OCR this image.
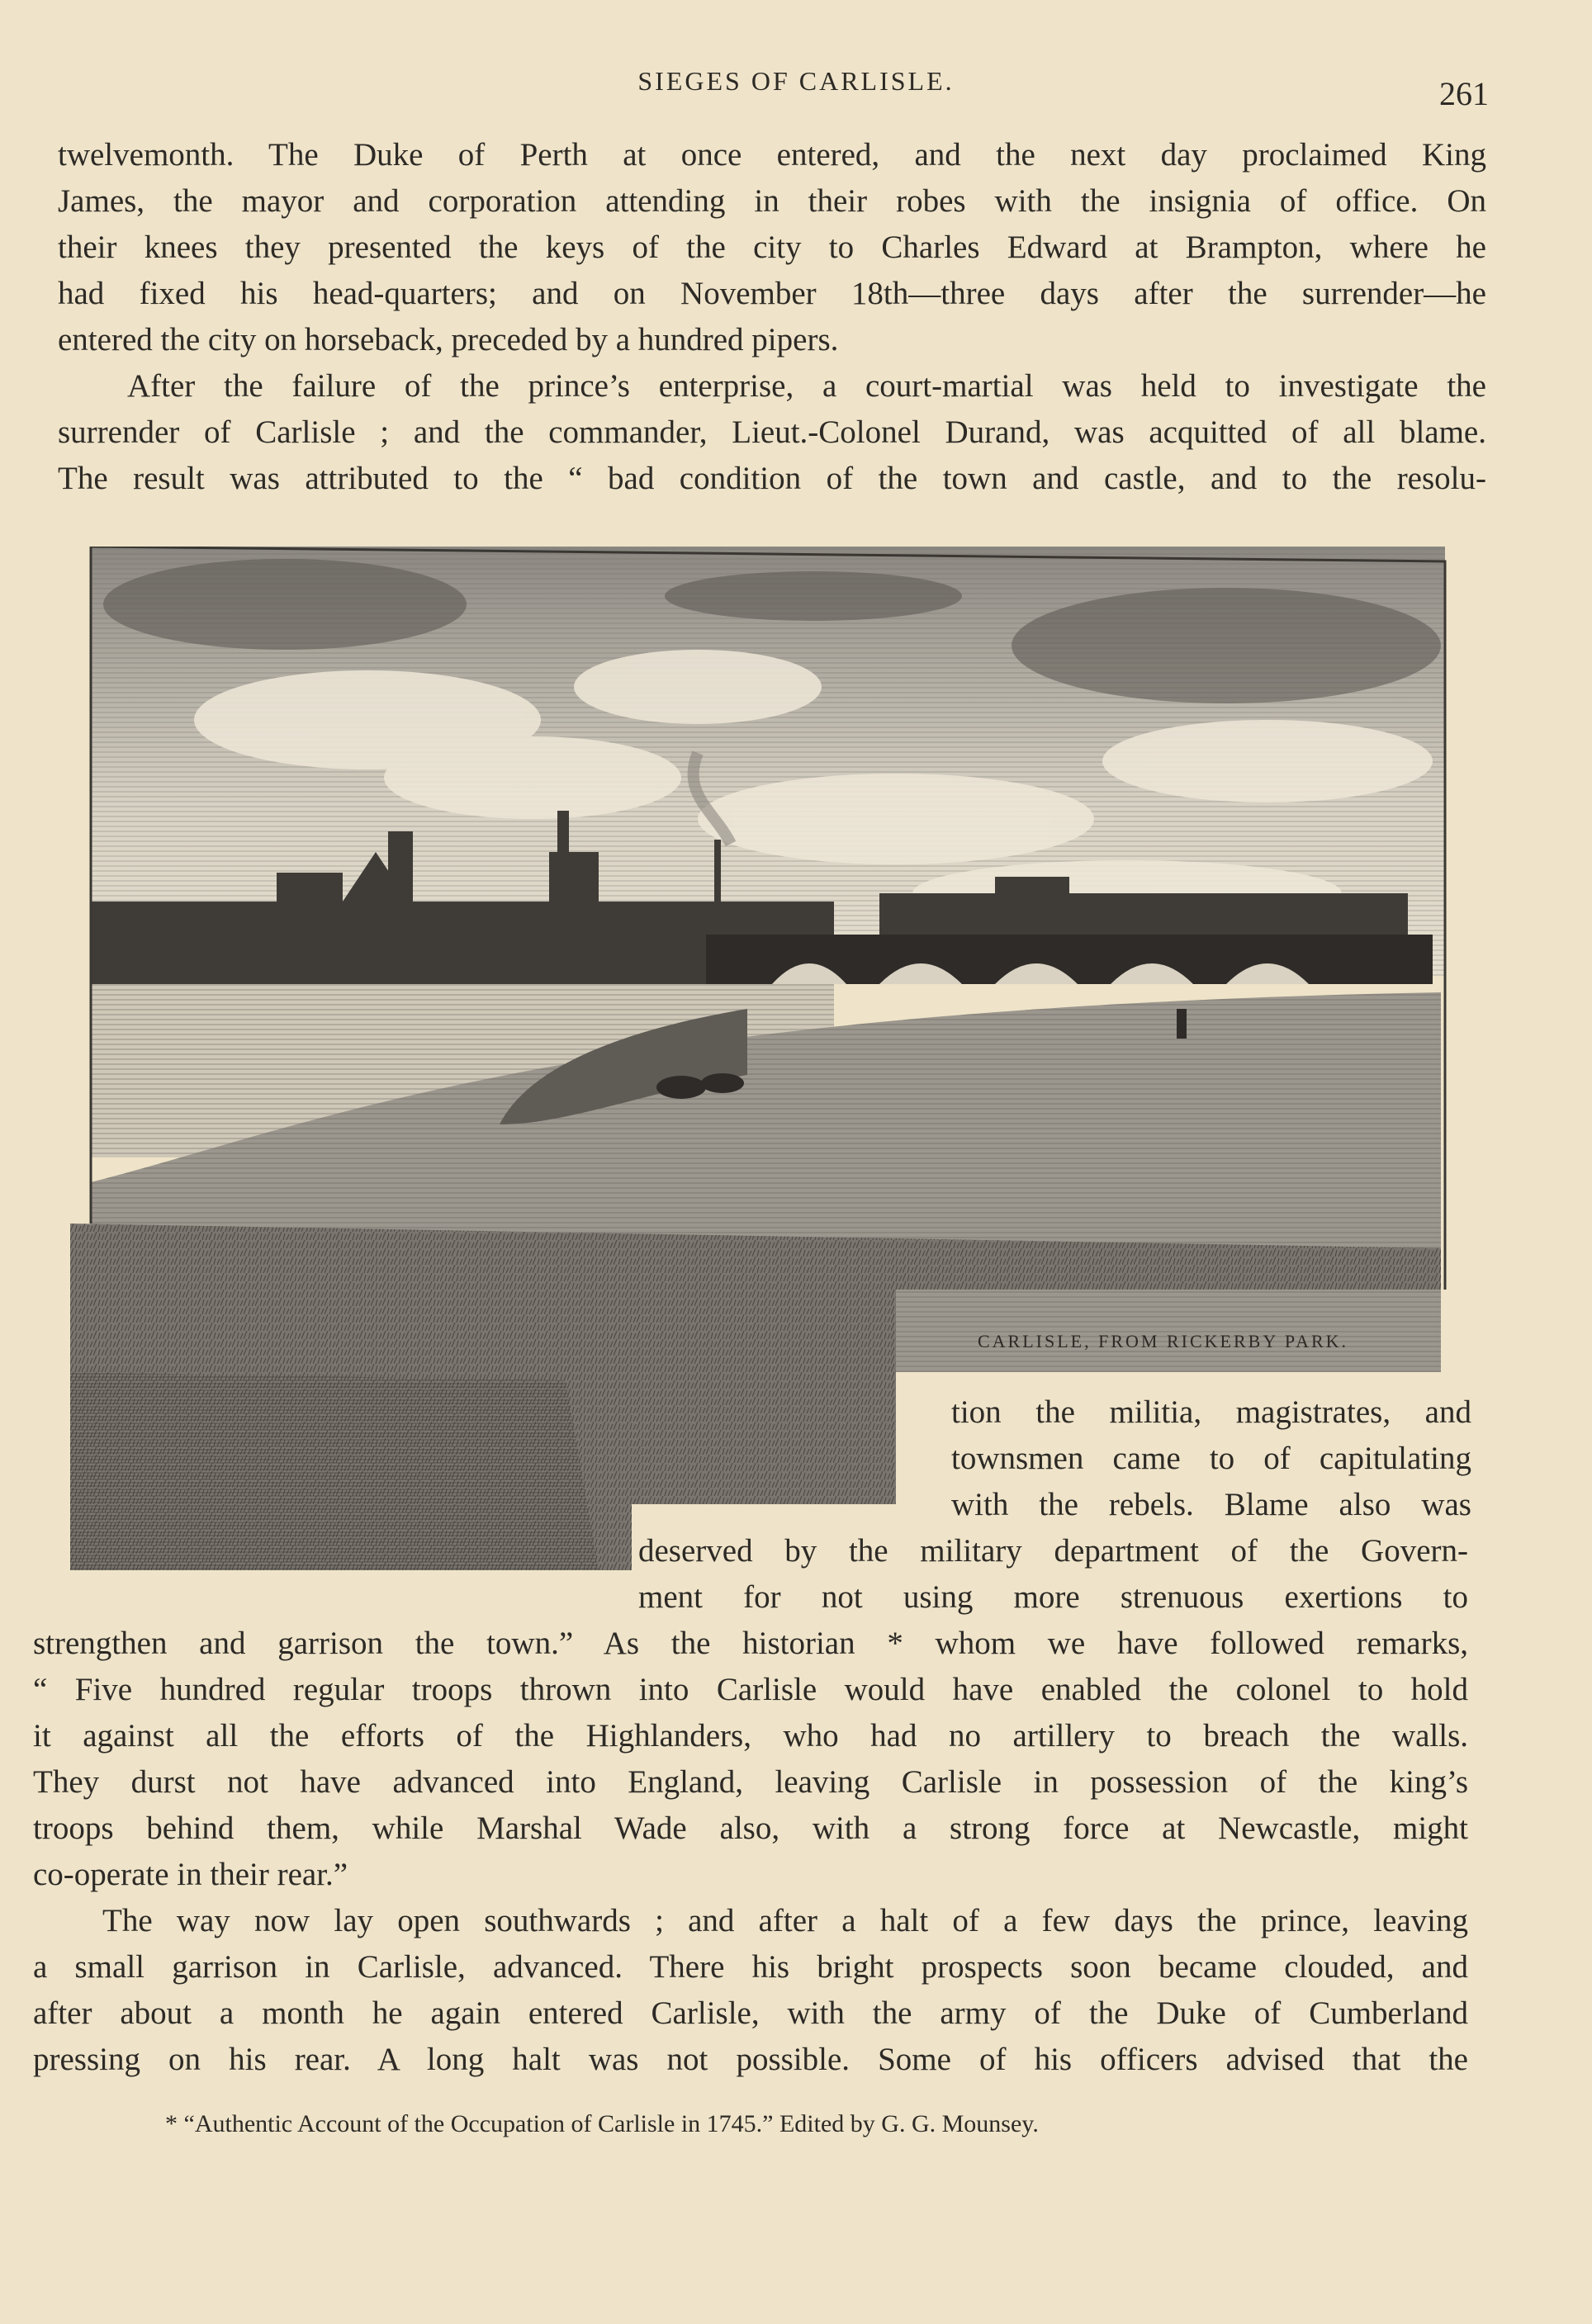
SIEGES OF CARLISLE.	261
twelvemonth. The Duke of Perth at once entered, and the next day proclaimed King
James, the mayor and corporation attending in their robes with the insignia of office. On
their knees they presented the keys of the city to Charles Edward at Brampton, where he
had fixed his head-quarters; and on November 18th—three days after the surrender—he
entered the city on horseback, preceded by a hundred pipers.
After the failure of the prince’s enterprise, a court-martial was held to investigate the
surrender of Carlisle ; and the commander, Lieut.-Colonel Durand, was acquitted of all blame.
The result was attributed to the “ bad condition of the town and castle, and to the resolu-
CARLISLE, FROM RICKERBY PARK.
tion the militia, magistrates, and
townsmen came to of capitulating
with the rebels. Blame also was
deserved by the military department of the Govern-
ment for not using more strenuous exertions to
strengthen and garrison the town.” As the historian * whom we have followed remarks,
“ Five hundred regular troops thrown into Carlisle would have enabled the colonel to hold
it against all the efforts of the Highlanders, who had no artillery to breach the walls.
They durst not have advanced into England, leaving Carlisle in possession of the king’s
troops behind them, while Marshal Wade also, with a strong force at Newcastle, might
co-operate in their rear.”
The way now lay open southwards ; and after a halt of a few days the prince, leaving
a small garrison in Carlisle, advanced. There his bright prospects soon became clouded, and
after about a month he again entered Carlisle, with the army of the Duke of Cumberland
pressing on his rear. A long halt was not possible. Some of his officers advised that the
* “Authentic Account of the Occupation of Carlisle in 1745.” Edited by G. G. Mounsey.
